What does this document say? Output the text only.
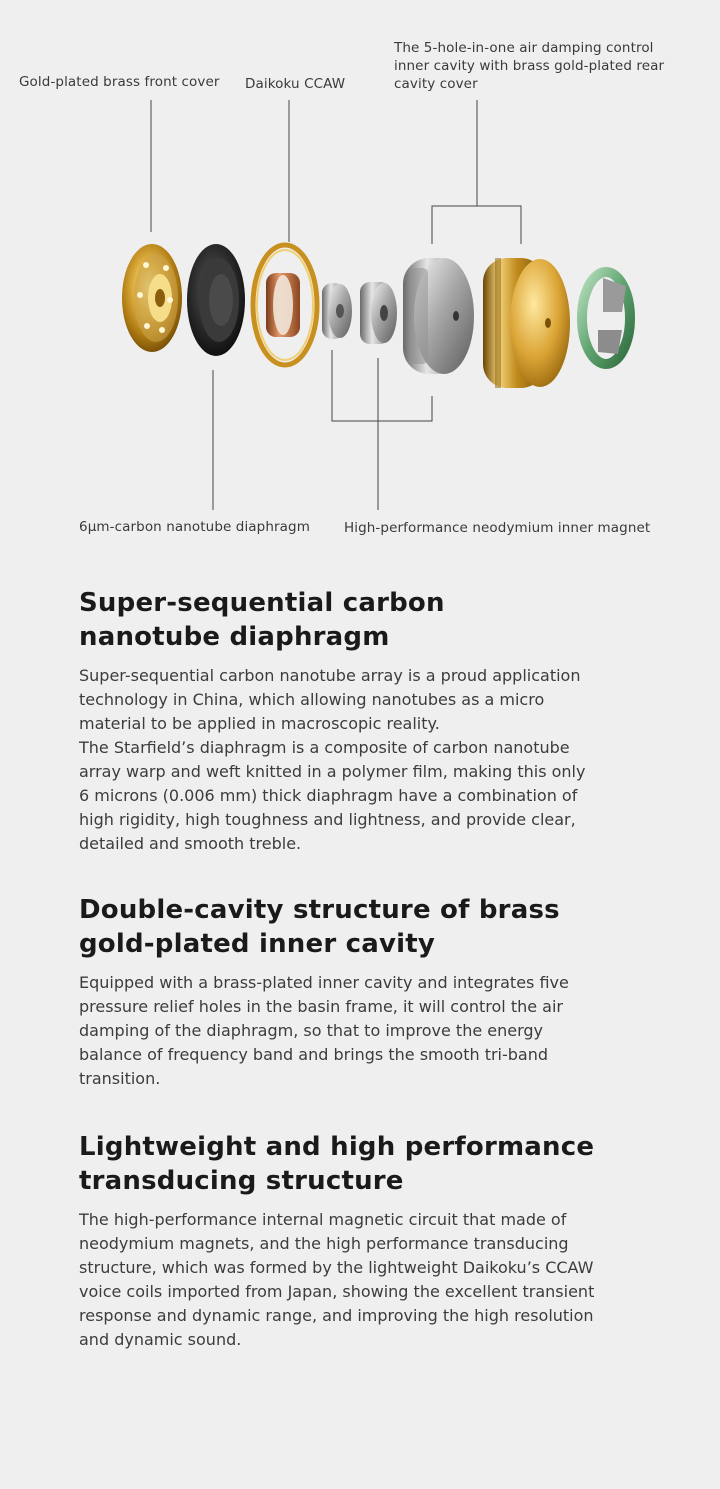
Gold-plated brass front cover Daikoku CCAW
The 5-hole-in-one air damping control
inner cavity with brass gold-plated rear
cavity cover
6μm-carbon nanotube diaphragm	High-performance neodymium inner magnet
Super-sequential carbon
nanotube diaphragm

Super-sequential carbon nanotube array is a proud application
technology in China, which allowing nanotubes as a micro
material to be applied in macroscopic reality.
The Starfield’s diaphragm is a composite of carbon nanotube
array warp and weft knitted in a polymer film, making this only
6 microns (0.006 mm) thick diaphragm have a combination of
high rigidity, high toughness and lightness, and provide clear,
detailed and smooth treble.

Double-cavity structure of brass
gold-plated inner cavity

Equipped with a brass-plated inner cavity and integrates five
pressure relief holes in the basin frame, it will control the air
damping of the diaphragm, so that to improve the energy
balance of frequency band and brings the smooth tri-band
transition.

Lightweight and high performance
transducing structure

The high-performance internal magnetic circuit that made of
neodymium magnets, and the high performance transducing
structure, which was formed by the lightweight Daikoku’s CCAW
voice coils imported from Japan, showing the excellent transient
response and dynamic range, and improving the high resolution
and dynamic sound.
